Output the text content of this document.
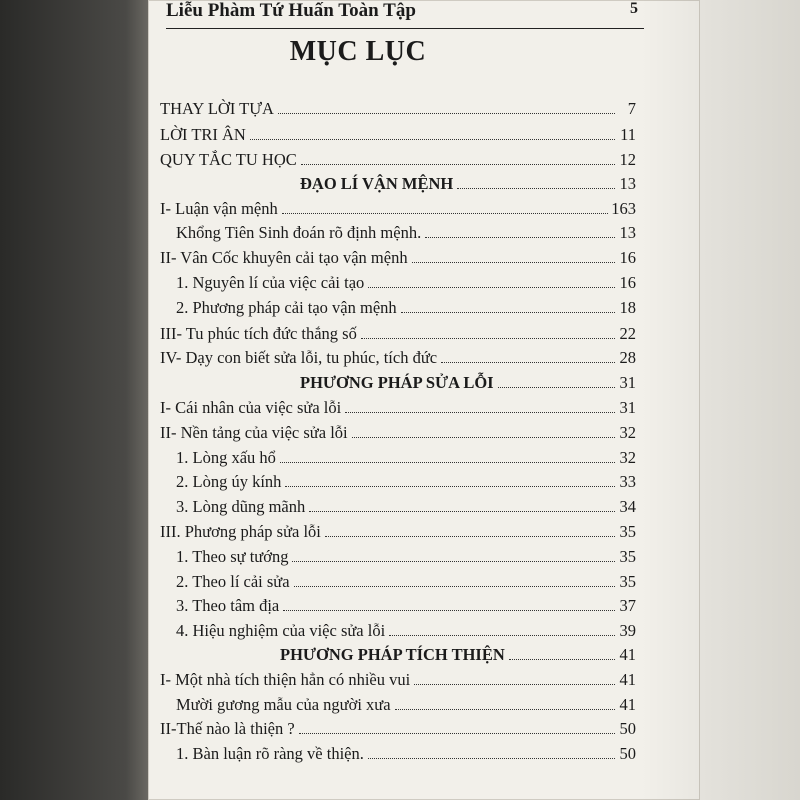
Liễu Phàm Tứ Huấn Toàn Tập	5
MỤC LỤC
THAY LỜI TỰA	7
LỜI TRI ÂN	11
QUY TẮC TU HỌC	12
ĐẠO LÍ VẬN MỆNH	13
I- Luận vận mệnh	163
Khổng Tiên Sinh đoán rõ định mệnh.	13
II- Vân Cốc khuyên cải tạo vận mệnh	16
1. Nguyên lí của việc cải tạo	16
2. Phương pháp cải tạo vận mệnh	18
III- Tu phúc tích đức thắng số	22
IV- Dạy con biết sửa lỗi, tu phúc, tích đức	28
PHƯƠNG PHÁP SỬA LỖI	31
I- Cái nhân của việc sửa lỗi	31
II- Nền tảng của việc sửa lỗi	32
1. Lòng xấu hổ	32
2. Lòng úy kính	33
3. Lòng dũng mãnh	34
III. Phương pháp sửa lỗi	35
1. Theo sự tướng	35
2. Theo lí cải sửa	35
3. Theo tâm địa	37
4. Hiệu nghiệm của việc sửa lỗi	39
PHƯƠNG PHÁP TÍCH THIỆN	41
I- Một nhà tích thiện hẳn có nhiều vui	41
Mười gương mẫu của người xưa	41
II-Thế nào là thiện ?	50
1. Bàn luận rõ ràng về thiện.	50
